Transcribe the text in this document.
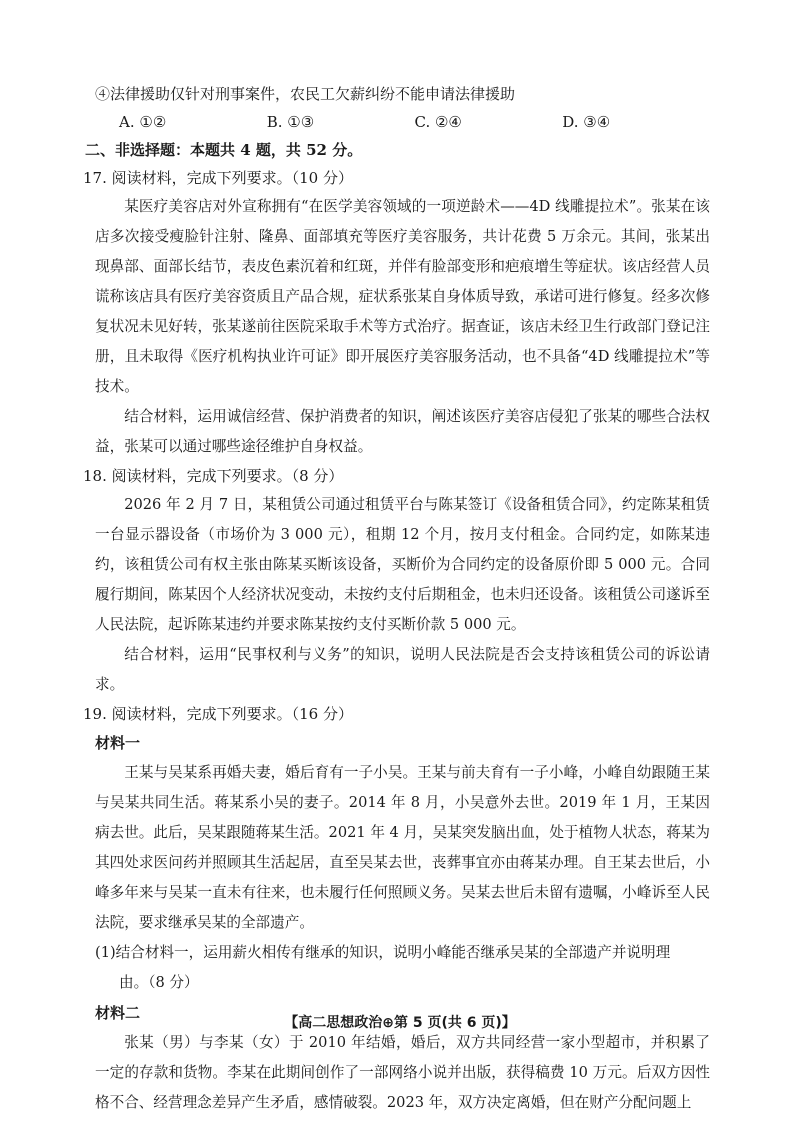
④法律援助仅针对刑事案件，农民工欠薪纠纷不能申请法律援助
A. ①②	B. ①③	C. ②④	D. ③④
二、非选择题：本题共 4 题，共 52 分。
17. 阅读材料，完成下列要求。（10 分）

某医疗美容店对外宣称拥有“在医学美容领域的一项逆龄术——4D 线雕提拉术”。张某在该店多次接受瘦脸针注射、隆鼻、面部填充等医疗美容服务，共计花费 5 万余元。其间，张某出现鼻部、面部长结节，表皮色素沉着和红斑，并伴有脸部变形和疤痕增生等症状。该店经营人员谎称该店具有医疗美容资质且产品合规，症状系张某自身体质导致，承诺可进行修复。经多次修复状况未见好转，张某遂前往医院采取手术等方式治疗。据查证，该店未经卫生行政部门登记注册，且未取得《医疗机构执业许可证》即开展医疗美容服务活动，也不具备“4D 线雕提拉术”等技术。

结合材料，运用诚信经营、保护消费者的知识，阐述该医疗美容店侵犯了张某的哪些合法权益，张某可以通过哪些途径维护自身权益。

18. 阅读材料，完成下列要求。（8 分）

2026 年 2 月 7 日，某租赁公司通过租赁平台与陈某签订《设备租赁合同》，约定陈某租赁一台显示器设备（市场价为 3 000 元），租期 12 个月，按月支付租金。合同约定，如陈某违约，该租赁公司有权主张由陈某买断该设备，买断价为合同约定的设备原价即 5 000 元。合同履行期间，陈某因个人经济状况变动，未按约支付后期租金，也未归还设备。该租赁公司遂诉至人民法院，起诉陈某违约并要求陈某按约支付买断价款 5 000 元。

结合材料，运用“民事权利与义务”的知识，说明人民法院是否会支持该租赁公司的诉讼请求。

19. 阅读材料，完成下列要求。（16 分）
材料一

王某与吴某系再婚夫妻，婚后育有一子小吴。王某与前夫育有一子小峰，小峰自幼跟随王某与吴某共同生活。蒋某系小吴的妻子。2014 年 8 月，小吴意外去世。2019 年 1 月，王某因病去世。此后，吴某跟随蒋某生活。2021 年 4 月，吴某突发脑出血，处于植物人状态，蒋某为其四处求医问药并照顾其生活起居，直至吴某去世，丧葬事宜亦由蒋某办理。自王某去世后，小峰多年来与吴某一直未有往来，也未履行任何照顾义务。吴某去世后未留有遗嘱，小峰诉至人民法院，要求继承吴某的全部遗产。

(1)结合材料一，运用薪火相传有继承的知识，说明小峰能否继承吴某的全部遗产并说明理

由。（8 分）

材料二

张某（男）与李某（女）于 2010 年结婚，婚后，双方共同经营一家小型超市，并积累了一定的存款和货物。李某在此期间创作了一部网络小说并出版，获得稿费 10 万元。后双方因性格不合、经营理念差异产生矛盾，感情破裂。2023 年，双方决定离婚，但在财产分配问题上

【高二思想政治⊕第 5 页(共 6 页)】
